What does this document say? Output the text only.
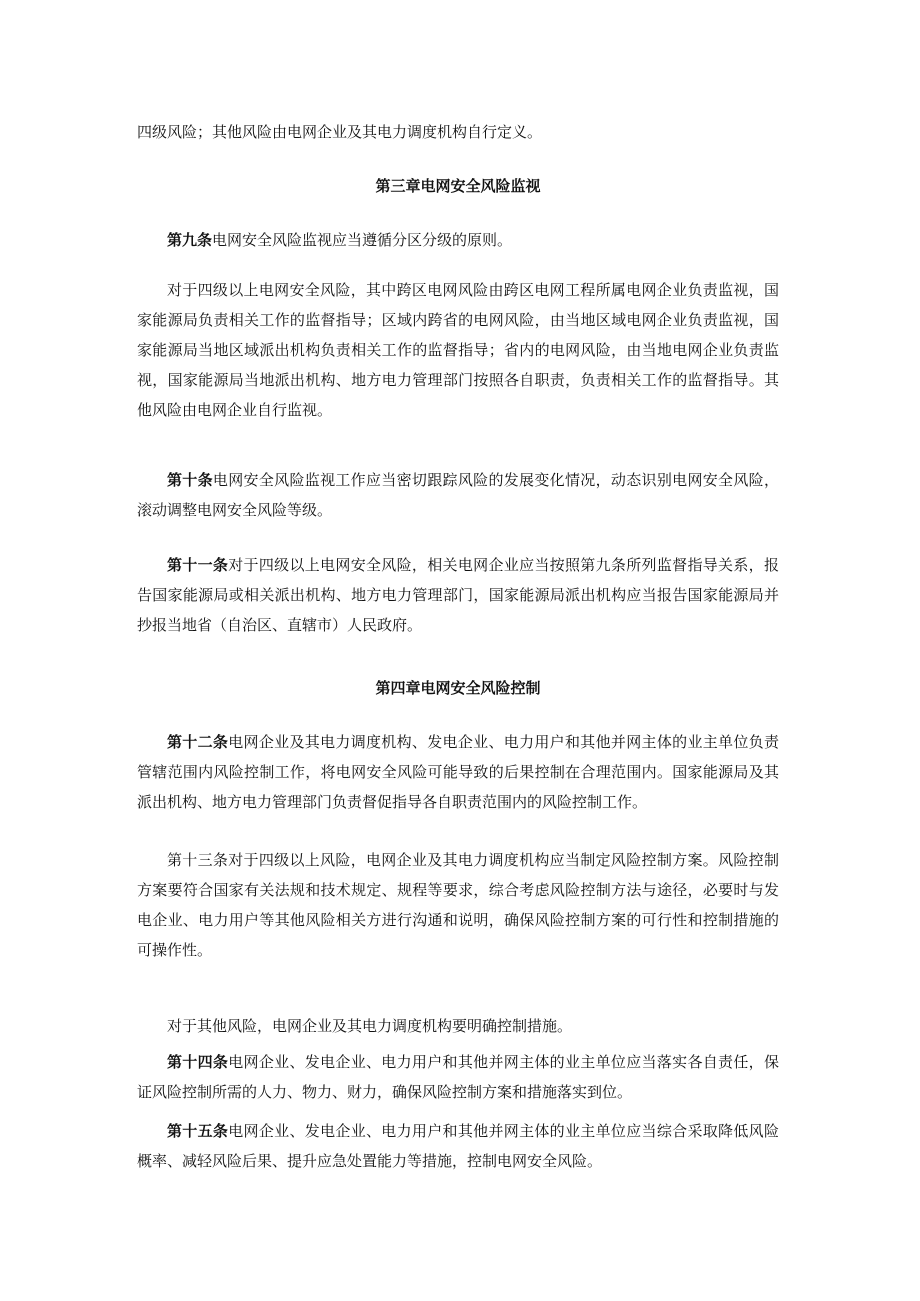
四级风险；其他风险由电网企业及其电力调度机构自行定义。

第三章电网安全风险监视

第九条电网安全风险监视应当遵循分区分级的原则。

对于四级以上电网安全风险，其中跨区电网风险由跨区电网工程所属电网企业负责监视，国家能源局负责相关工作的监督指导；区域内跨省的电网风险，由当地区域电网企业负责监视，国家能源局当地区域派出机构负责相关工作的监督指导；省内的电网风险，由当地电网企业负责监视，国家能源局当地派出机构、地方电力管理部门按照各自职责，负责相关工作的监督指导。其他风险由电网企业自行监视。

第十条电网安全风险监视工作应当密切跟踪风险的发展变化情况，动态识别电网安全风险，滚动调整电网安全风险等级。

第十一条对于四级以上电网安全风险，相关电网企业应当按照第九条所列监督指导关系，报告国家能源局或相关派出机构、地方电力管理部门，国家能源局派出机构应当报告国家能源局并抄报当地省（自治区、直辖市）人民政府。

第四章电网安全风险控制

第十二条电网企业及其电力调度机构、发电企业、电力用户和其他并网主体的业主单位负责管辖范围内风险控制工作，将电网安全风险可能导致的后果控制在合理范围内。国家能源局及其派出机构、地方电力管理部门负责督促指导各自职责范围内的风险控制工作。

第十三条对于四级以上风险，电网企业及其电力调度机构应当制定风险控制方案。风险控制方案要符合国家有关法规和技术规定、规程等要求，综合考虑风险控制方法与途径，必要时与发电企业、电力用户等其他风险相关方进行沟通和说明，确保风险控制方案的可行性和控制措施的可操作性。

对于其他风险，电网企业及其电力调度机构要明确控制措施。

第十四条电网企业、发电企业、电力用户和其他并网主体的业主单位应当落实各自责任，保证风险控制所需的人力、物力、财力，确保风险控制方案和措施落实到位。

第十五条电网企业、发电企业、电力用户和其他并网主体的业主单位应当综合采取降低风险概率、减轻风险后果、提升应急处置能力等措施，控制电网安全风险。
